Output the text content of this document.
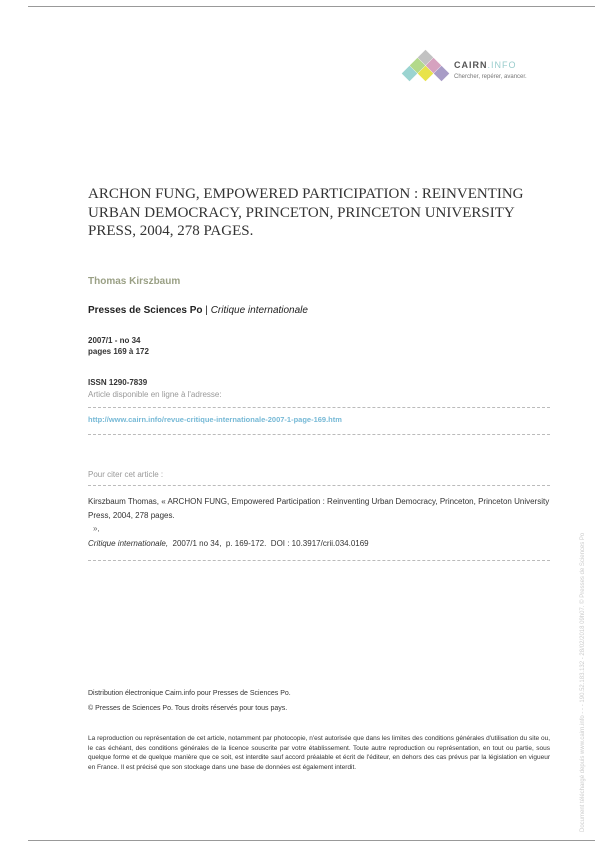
CAIRN.INFO
Chercher, repérer, avancer.
ARCHON FUNG, EMPOWERED PARTICIPATION : REINVENTING URBAN DEMOCRACY, PRINCETON, PRINCETON UNIVERSITY PRESS, 2004, 278 PAGES.
Thomas Kirszbaum
Presses de Sciences Po | Critique internationale
2007/1 - no 34
pages 169 à 172
ISSN 1290-7839
Article disponible en ligne à l'adresse:
http://www.cairn.info/revue-critique-internationale-2007-1-page-169.htm
Pour citer cet article :
Kirszbaum Thomas, « ARCHON FUNG, Empowered Participation : Reinventing Urban Democracy, Princeton, Princeton University Press, 2004, 278 pages.
»,
Critique internationale,  2007/1 no 34,  p. 169-172.  DOI : 10.3917/crii.034.0169
Distribution électronique Cairn.info pour Presses de Sciences Po.
© Presses de Sciences Po. Tous droits réservés pour tous pays.
La reproduction ou représentation de cet article, notamment par photocopie, n'est autorisée que dans les limites des conditions générales d'utilisation du site ou, le cas échéant, des conditions générales de la licence souscrite par votre établissement. Toute autre reproduction ou représentation, en tout ou partie, sous quelque forme et de quelque manière que ce soit, est interdite sauf accord préalable et écrit de l'éditeur, en dehors des cas prévus par la législation en vigueur en France. Il est précisé que son stockage dans une base de données est également interdit.	Document téléchargé depuis www.cairn.info - - - 190.52.183.132 - 28/02/2018 09h07. © Presses de Sciences Po
